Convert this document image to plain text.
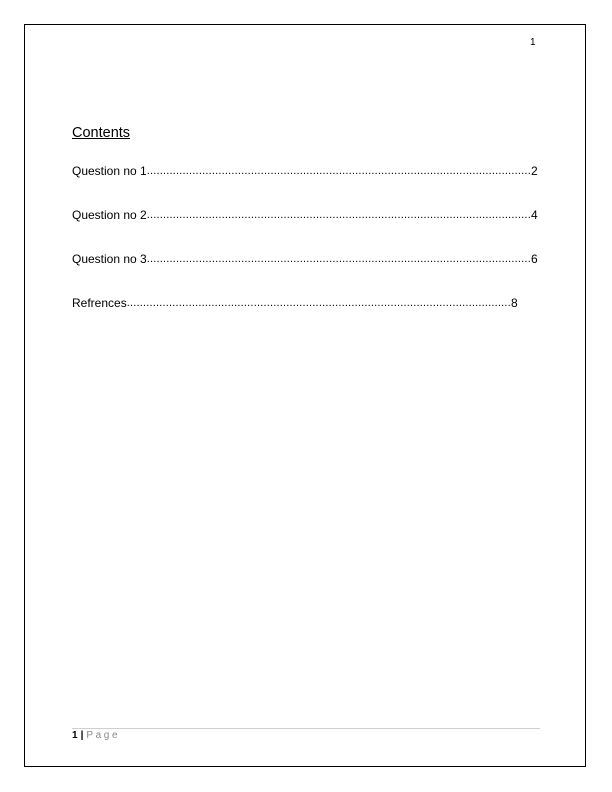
1
Contents
Question no 1 ...................................................................................................................... 2
Question no 2 ...................................................................................................................... 4
Question no 3 ...................................................................................................................... 6
Refrences ...................................................................................................................... 8
1 | Page
